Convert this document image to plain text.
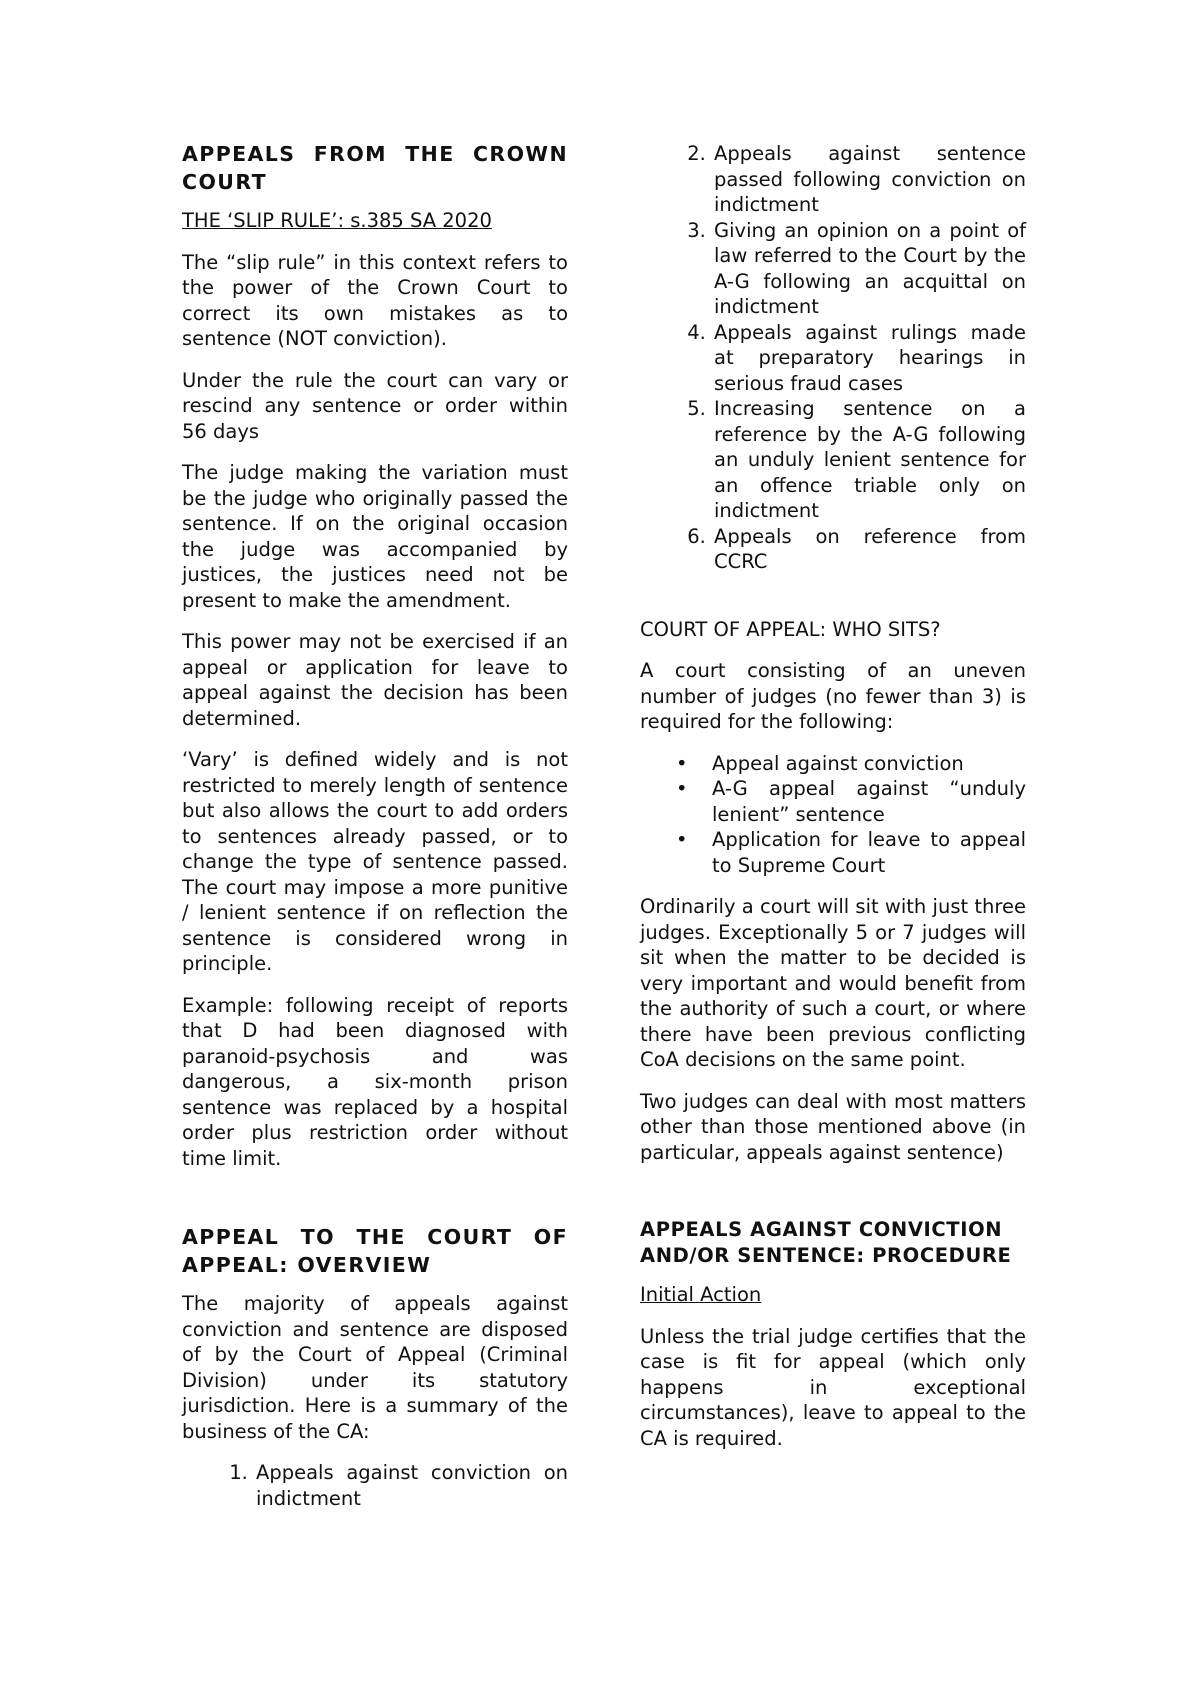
APPEALS FROM THE CROWN COURT

THE ‘SLIP RULE’: s.385 SA 2020

The “slip rule” in this context refers to the power of the Crown Court to correct its own mistakes as to sentence (NOT conviction).

Under the rule the court can vary or rescind any sentence or order within 56 days

The judge making the variation must be the judge who originally passed the sentence. If on the original occasion the judge was accompanied by justices, the justices need not be present to make the amendment.

This power may not be exercised if an appeal or application for leave to appeal against the decision has been determined.

‘Vary’ is defined widely and is not restricted to merely length of sentence but also allows the court to add orders to sentences already passed, or to change the type of sentence passed. The court may impose a more punitive / lenient sentence if on reflection the sentence is considered wrong in principle.

Example: following receipt of reports that D had been diagnosed with paranoid-psychosis and was dangerous, a six-month prison sentence was replaced by a hospital order plus restriction order without time limit.

APPEAL TO THE COURT OF APPEAL: OVERVIEW

The majority of appeals against conviction and sentence are disposed of by the Court of Appeal (Criminal Division) under its statutory jurisdiction. Here is a summary of the business of the CA:

1. Appeals against conviction on indictment
2. Appeals against sentence passed following conviction on indictment
3. Giving an opinion on a point of law referred to the Court by the A-G following an acquittal on indictment
4. Appeals against rulings made at preparatory hearings in serious fraud cases
5. Increasing sentence on a reference by the A-G following an unduly lenient sentence for an offence triable only on indictment
6. Appeals on reference from CCRC

COURT OF APPEAL: WHO SITS?

A court consisting of an uneven number of judges (no fewer than 3) is required for the following:

• Appeal against conviction
• A-G appeal against “unduly lenient” sentence
• Application for leave to appeal to Supreme Court

Ordinarily a court will sit with just three judges. Exceptionally 5 or 7 judges will sit when the matter to be decided is very important and would benefit from the authority of such a court, or where there have been previous conflicting CoA decisions on the same point.

Two judges can deal with most matters other than those mentioned above (in particular, appeals against sentence)

APPEALS AGAINST CONVICTION AND/OR SENTENCE: PROCEDURE

Initial Action

Unless the trial judge certifies that the case is fit for appeal (which only happens in exceptional circumstances), leave to appeal to the CA is required.
